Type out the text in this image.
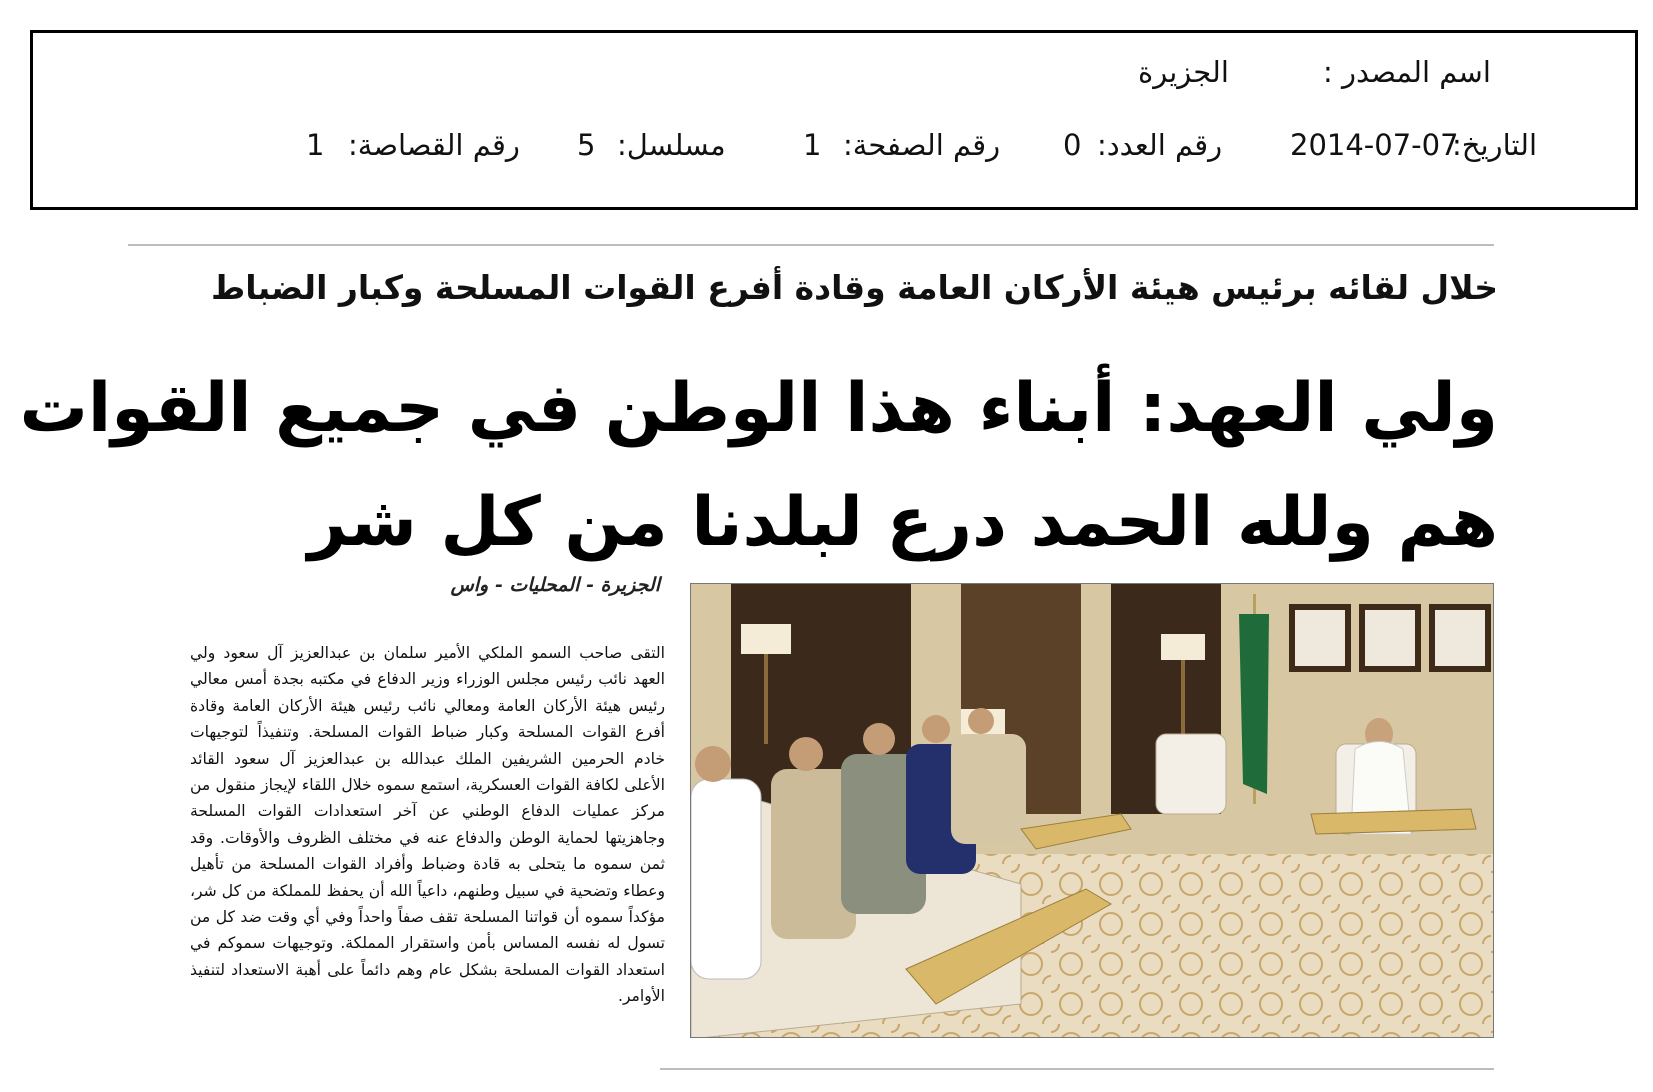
اسم المصدر :
الجزيرة
التاريخ:
2014-07-07
رقم العدد:
0
رقم الصفحة:
1
مسلسل:
5
رقم القصاصة:
1
خلال لقائه برئيس هيئة الأركان العامة وقادة أفرع القوات المسلحة وكبار الضباط
ولي العهد: أبناء هذا الوطن في جميع القوات
هم ولله الحمد درع لبلدنا من كل شر
الجزيرة - المحليات - واس
التقى صاحب السمو الملكي الأمير سلمان بن عبدالعزيز آل سعود ولي العهد نائب رئيس مجلس الوزراء وزير الدفاع في مكتبه بجدة أمس معالي رئيس هيئة الأركان العامة ومعالي نائب رئيس هيئة الأركان العامة وقادة أفرع القوات المسلحة وكبار ضباط القوات المسلحة. وتنفيذاً لتوجيهات خادم الحرمين الشريفين الملك عبدالله بن عبدالعزيز آل سعود القائد الأعلى لكافة القوات العسكرية، استمع سموه خلال اللقاء لإيجاز منقول من مركز عمليات الدفاع الوطني عن آخر استعدادات القوات المسلحة وجاهزيتها لحماية الوطن والدفاع عنه في مختلف الظروف والأوقات. وقد ثمن سموه ما يتحلى به قادة وضباط وأفراد القوات المسلحة من تأهيل وعطاء وتضحية في سبيل وطنهم، داعياً الله أن يحفظ للمملكة من كل شر، مؤكداً سموه أن قواتنا المسلحة تقف صفاً واحداً وفي أي وقت ضد كل من تسول له نفسه المساس بأمن واستقرار المملكة. وتوجيهات سموكم في استعداد القوات المسلحة بشكل عام وهم دائماً على أهبة الاستعداد لتنفيذ الأوامر.
